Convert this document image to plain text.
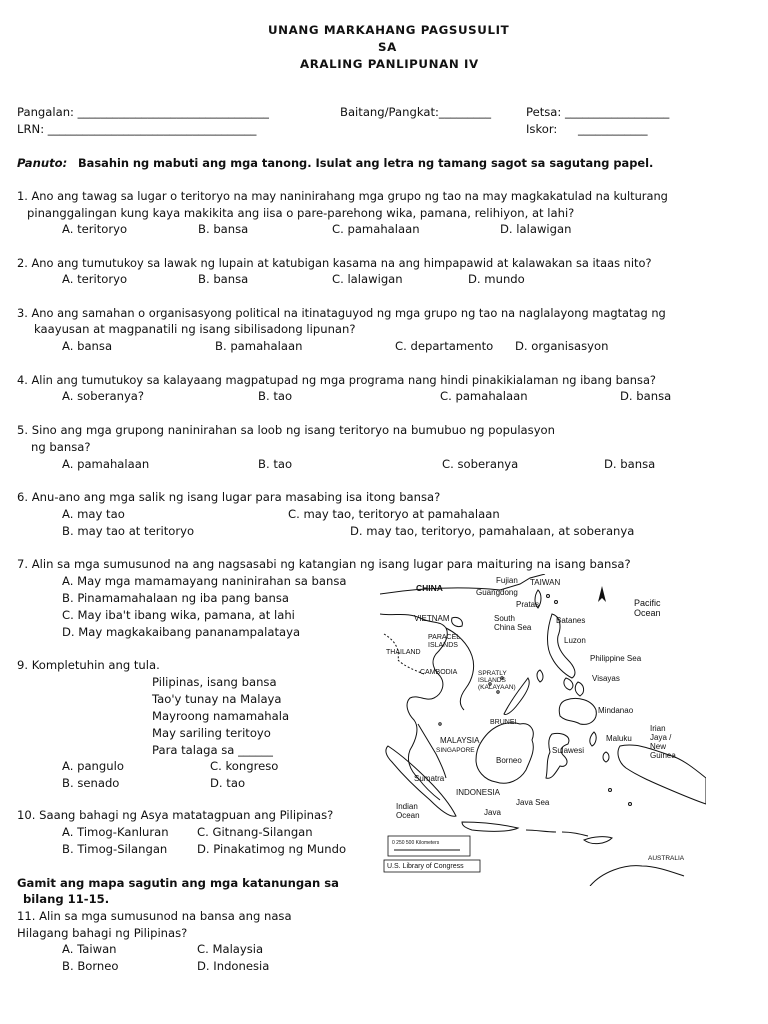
UNANG MARKAHANG PAGSUSULIT
SA
ARALING PANLIPUNAN IV
Pangalan: _________________________________	Baitang/Pangkat:_________	Petsa: __________________
LRN: ____________________________________	Iskor: ____________
Panuto: Basahin ng mabuti ang mga tanong. Isulat ang letra ng tamang sagot sa sagutang papel.
1. Ano ang tawag sa lugar o teritoryo na may naninirahang mga grupo ng tao na may magkakatulad na kulturang
pinanggalingan kung kaya makikita ang iisa o pare-parehong wika, pamana, relihiyon, at lahi?
A. teritoryo	B. bansa	C. pamahalaan	D. lalawigan
2. Ano ang tumutukoy sa lawak ng lupain at katubigan kasama na ang himpapawid at kalawakan sa itaas nito?
A. teritoryo	B. bansa	C. lalawigan	D. mundo
3. Ano ang samahan o organisasyong political na itinataguyod ng mga grupo ng tao na naglalayong magtatag ng
kaayusan at magpanatili ng isang sibilisadong lipunan?
A. bansa	B. pamahalaan	C. departamento D. organisasyon
4. Alin ang tumutukoy sa kalayaang magpatupad ng mga programa nang hindi pinakikialaman ng ibang bansa?
A. soberanya?	B. tao	C. pamahalaan	D. bansa
5. Sino ang mga grupong naninirahan sa loob ng isang teritoryo na bumubuo ng populasyon
ng bansa?
A. pamahalaan	B. tao	C. soberanya	D. bansa
6. Anu-ano ang mga salik ng isang lugar para masabing isa itong bansa?
A. may tao	C. may tao, teritoryo at pamahalaan
B. may tao at teritoryo	D. may tao, teritoryo, pamahalaan, at soberanya
7. Alin sa mga sumusunod na ang nagsasabi ng katangian ng isang lugar para maituring na isang bansa?
A. May mga mamamayang naninirahan sa bansa
B. Pinamamahalaan ng iba pang bansa
C. May iba't ibang wika, pamana, at lahi
D. May magkakaibang pananampalataya
9. Kompletuhin ang tula.
Pilipinas, isang bansa
Tao'y tunay na Malaya
Mayroong namamahala
May sariling teritoyo
Para talaga sa ______
A. pangulo	C. kongreso
B. senado	D. tao
10. Saang bahagi ng Asya matatagpuan ang Pilipinas?
A. Timog-Kanluran C. Gitnang-Silangan
B. Timog-Silangan	D. Pinakatimog ng Mundo
Gamit ang mapa sagutin ang mga katanungan sa
bilang 11-15.
11. Alin sa mga sumusunod na bansa ang nasa
Hilagang bahagi ng Pilipinas?
A. Taiwan	C. Malaysia
B. Borneo	D. Indonesia
CHINA
Fujian TAIWAN
Guangdong
VIETNAM
Pratas
South China Sea
Batanes
Pacific Ocean
PARACEL ISLANDS
Luzon
THAILAND
Philippine Sea
CAMBODIA	SPRATLY ISLANDS (KALAYAAN)
Visayas
Mindanao
BRUNEI
MALAYSIA
SINGAPORE
Borneo
Sulawesi
Maluku
Irian Jaya / New Guinea
Sumatra
INDONESIA
Java Sea
Java
Indian Ocean
AUSTRALIA
0 250 500 Kilometers
U.S. Library of Congress
